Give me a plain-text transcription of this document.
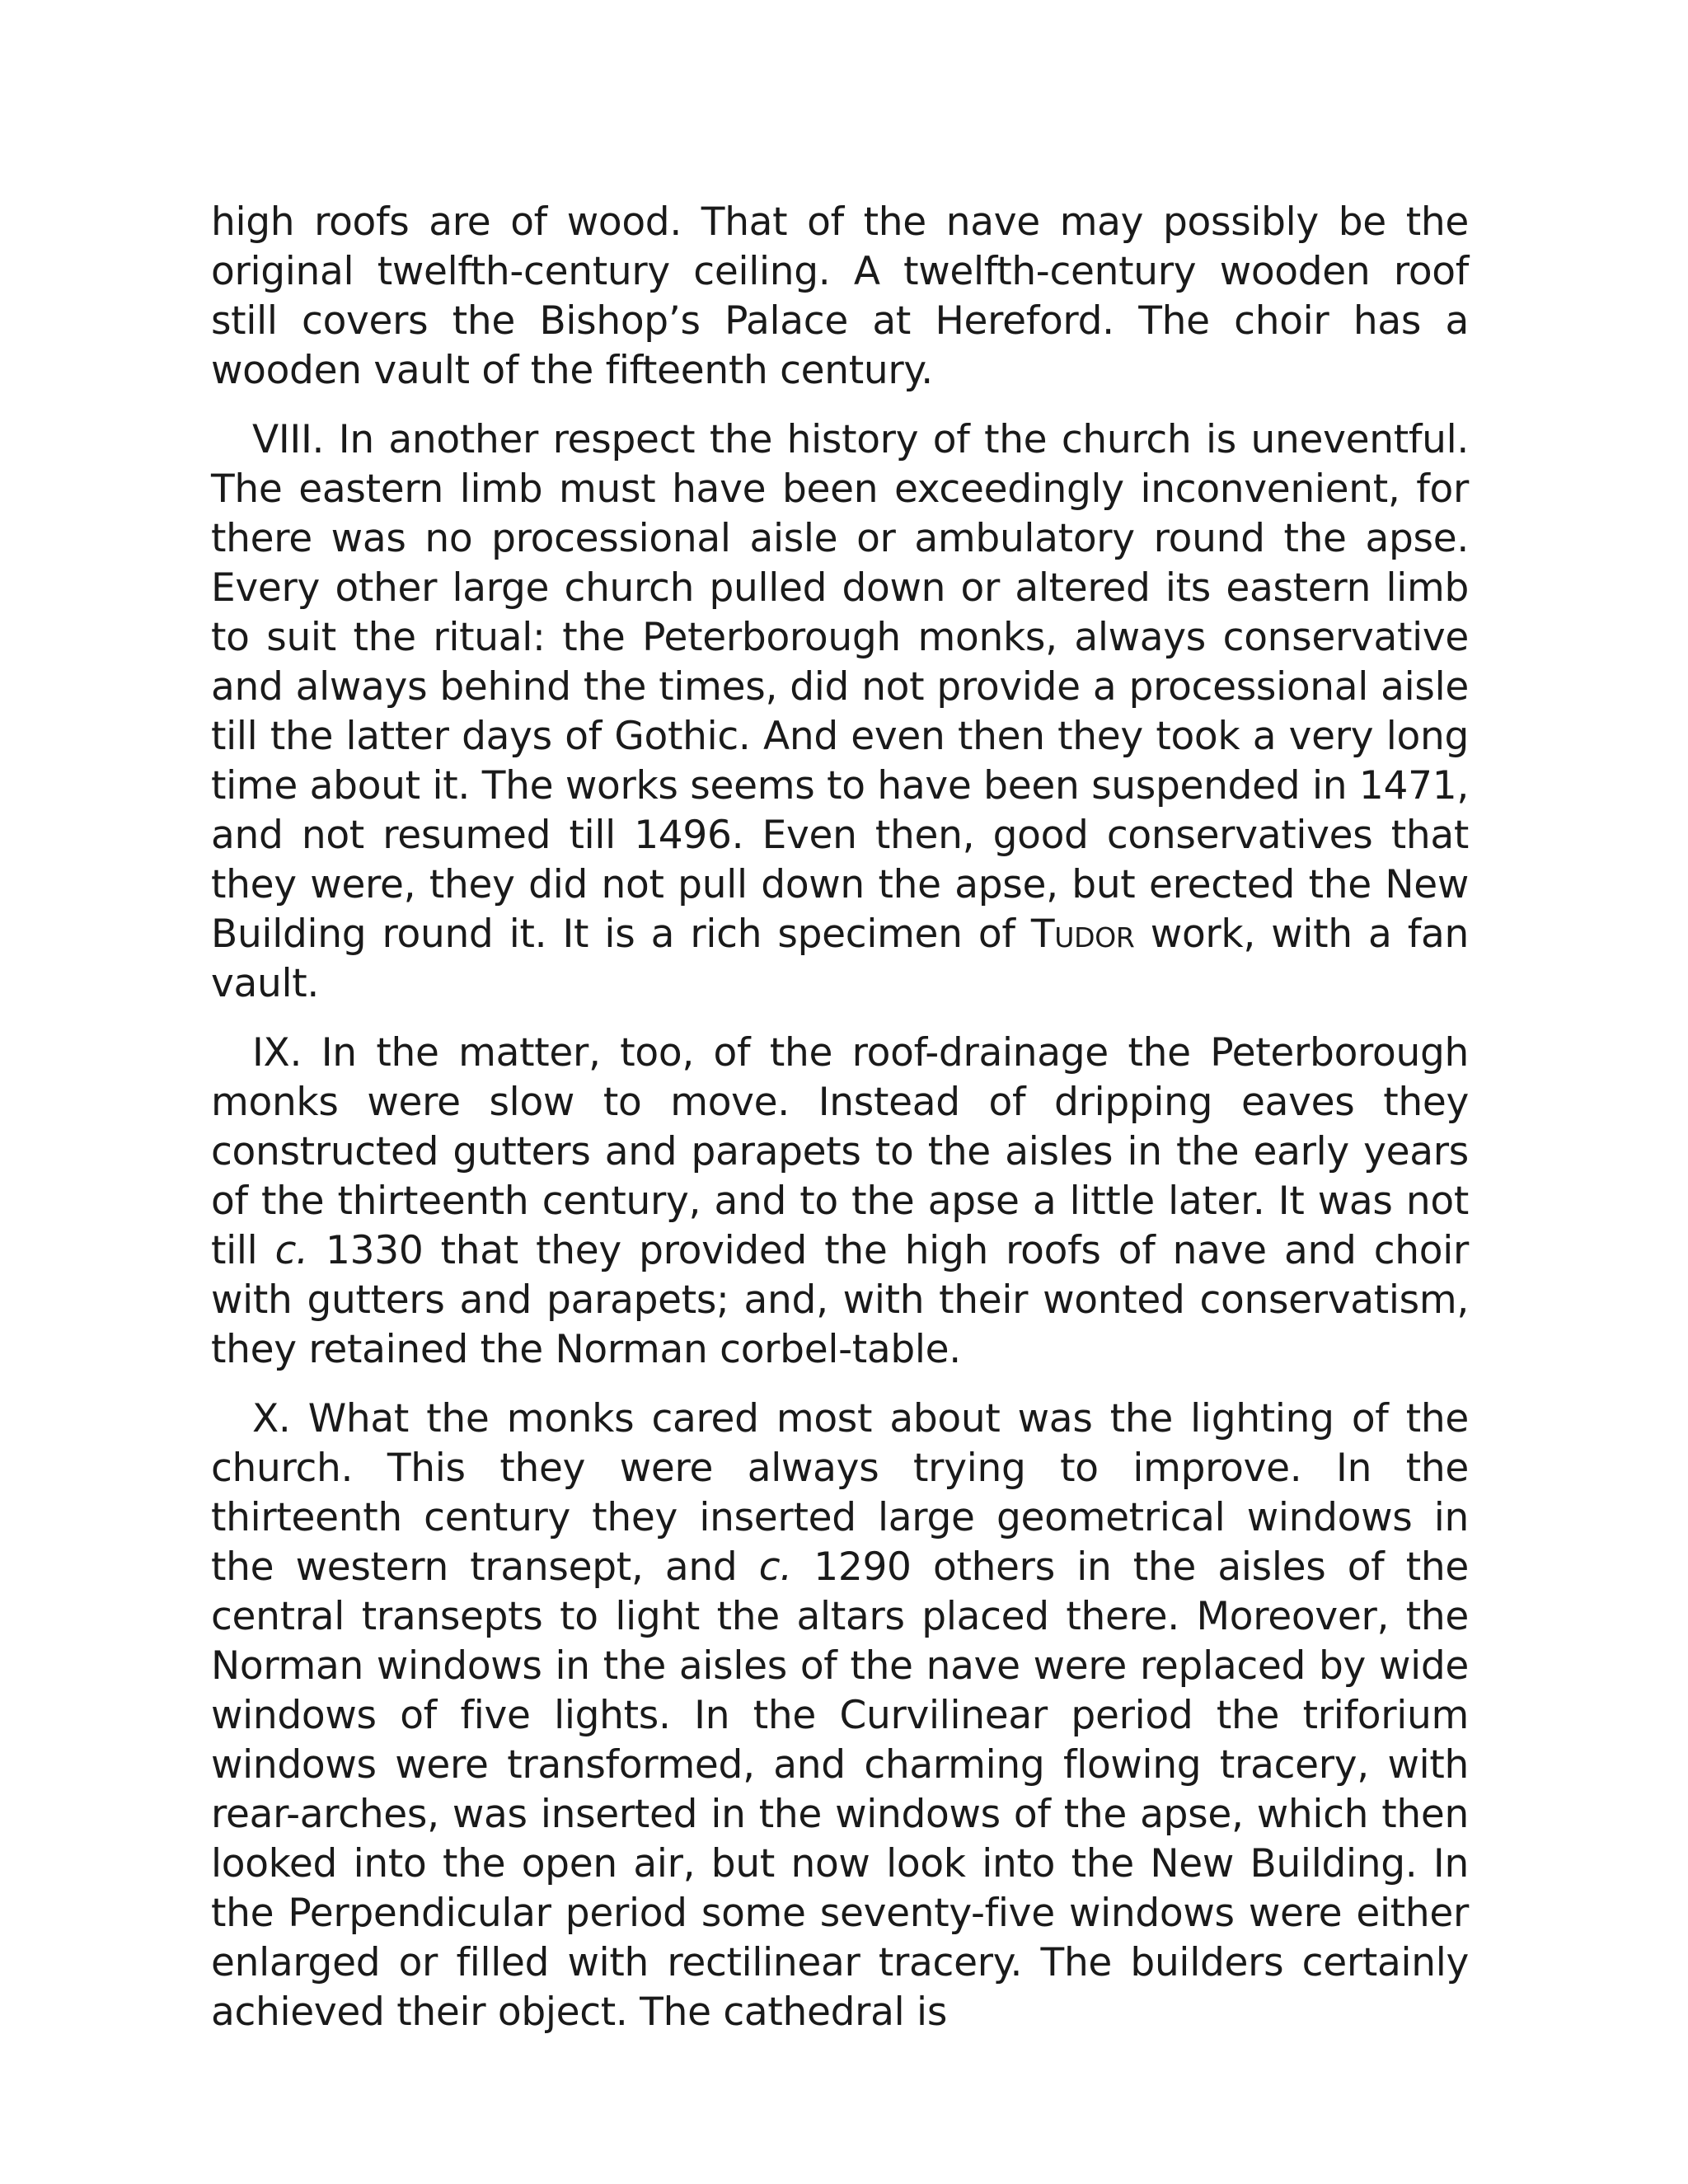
high roofs are of wood. That of the nave may possibly be the original twelfth-century ceiling. A twelfth-century wooden roof still covers the Bishop’s Palace at Hereford. The choir has a wooden vault of the fifteenth century.

VIII. In another respect the history of the church is uneventful. The eastern limb must have been exceedingly inconvenient, for there was no processional aisle or ambulatory round the apse. Every other large church pulled down or altered its eastern limb to suit the ritual: the Peterborough monks, always conservative and always behind the times, did not provide a processional aisle till the latter days of Gothic. And even then they took a very long time about it. The works seems to have been suspended in 1471, and not resumed till 1496. Even then, good conservatives that they were, they did not pull down the apse, but erected the New Building round it. It is a rich specimen of Tudor work, with a fan vault.

IX. In the matter, too, of the roof-drainage the Peterborough monks were slow to move. Instead of dripping eaves they constructed gutters and parapets to the aisles in the early years of the thirteenth century, and to the apse a little later. It was not till c. 1330 that they provided the high roofs of nave and choir with gutters and parapets; and, with their wonted conservatism, they retained the Norman corbel-table.

X. What the monks cared most about was the lighting of the church. This they were always trying to improve. In the thirteenth century they inserted large geometrical windows in the western transept, and c. 1290 others in the aisles of the central transepts to light the altars placed there. Moreover, the Norman windows in the aisles of the nave were replaced by wide windows of five lights. In the Curvilinear period the triforium windows were transformed, and charming flowing tracery, with rear-arches, was inserted in the windows of the apse, which then looked into the open air, but now look into the New Building. In the Perpendicular period some seventy-five windows were either enlarged or filled with rectilinear tracery. The builders certainly achieved their object. The cathedral is
